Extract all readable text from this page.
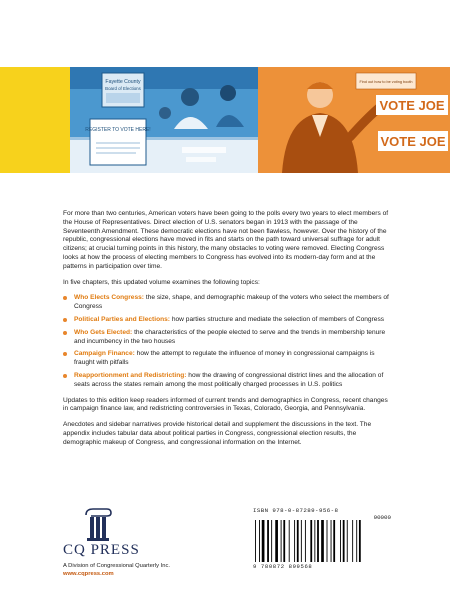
Fayette County
Board of Elections
REGISTER TO VOTE HERE!
Find out how to be voting booth
VOTE JOE
VOTE JOE

For more than two centuries, American voters have been going to the polls every two years to elect members of the House of Representatives. Direct election of U.S. senators began in 1913 with the passage of the Seventeenth Amendment. These democratic elections have not been flawless, however. Over the history of the republic, congressional elections have moved in fits and starts on the path toward universal suffrage for adult citizens; at crucial turning points in this history, the many obstacles to voting were removed. Electing Congress looks at how the process of electing members to Congress has evolved into its modern-day form and at the patterns in participation over time.

In five chapters, this updated volume examines the following topics:

Who Elects Congress: the size, shape, and demographic makeup of the voters who select the members of Congress
Political Parties and Elections: how parties structure and mediate the selection of members of Congress
Who Gets Elected: the characteristics of the people elected to serve and the trends in membership tenure and incumbency in the two houses
Campaign Finance: how the attempt to regulate the influence of money in congressional campaigns is fraught with pitfalls
Reapportionment and Redistricting: how the drawing of congressional district lines and the allocation of seats across the states remain among the most politically charged processes in U.S. politics

Updates to this edition keep readers informed of current trends and demographics in Congress, recent changes in campaign finance law, and redistricting controversies in Texas, Colorado, Georgia, and Pennsylvania.

Anecdotes and sidebar narratives provide historical detail and supplement the discussions in the text. The appendix includes tabular data about political parties in Congress, congressional election results, the demographic makeup of Congress, and congressional information on the Internet.

CQ PRESS
A Division of Congressional Quarterly Inc.
www.cqpress.com
ISBN 978-0-87289-956-8
90000
9 780872 899568
